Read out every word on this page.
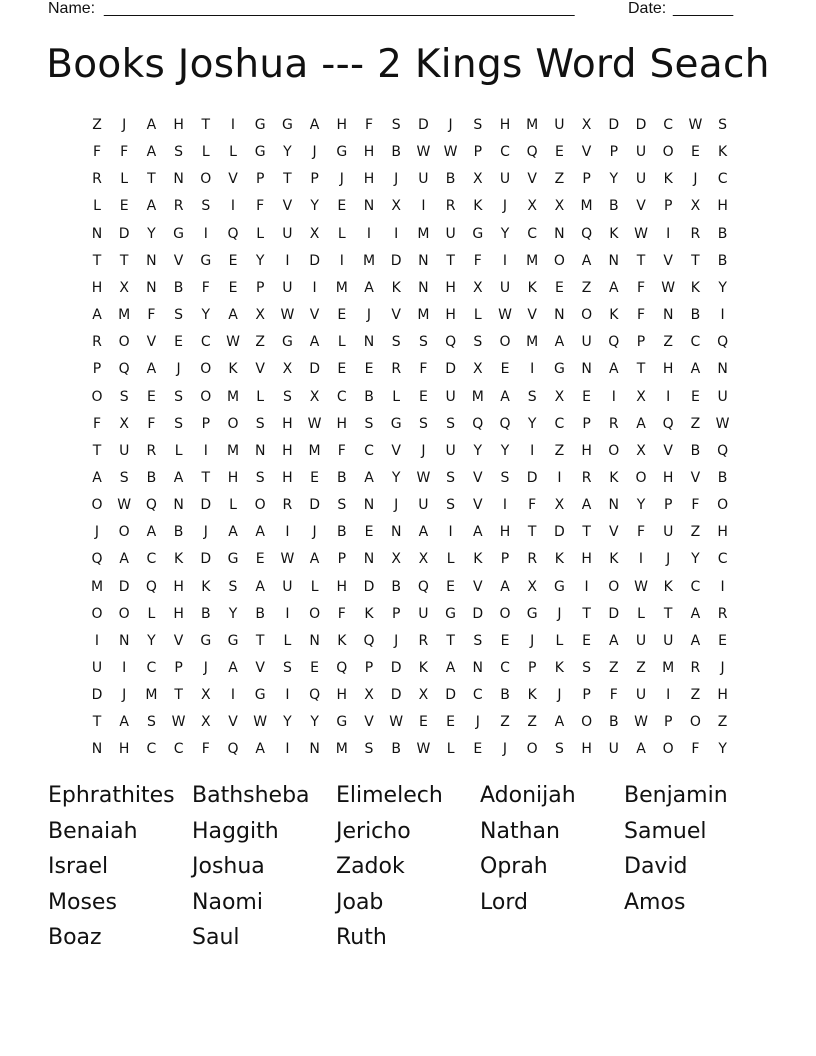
Name: _______________________________________________________	Date: _______
Books Joshua --- 2 Kings Word Seach
Z	J	A	H	T	I	G	G	A	H	F	S	D	J	S	H	M	U	X	D	D	C	W	S
F	F	A	S	L	L	G	Y	J	G	H	B	W W	P	C	Q	E	V	P	U	O	E	K
R	L	T	N	O	V	P	T	P	J	H	J	U	B	X	U	V	Z	P	Y	U	K	J	C
L	E	A	R	S	I	F	V	Y	E	N	X	I	R	K	J	X	X	M	B	V	P	X	H
N	D	Y	G	I	Q	L	U	X	L	I	I	M	U	G	Y	C	N	Q	K	W	I	R	B
T	T	N	V	G	E	Y	I	D	I	M	D	N	T	F	I	M	O	A	N	T	V	T	B
H	X	N	B	F	E	P	U	I	M	A	K	N	H	X	U	K	E	Z	A	F	W	K	Y
A	M	F	S	Y	A	X	W	V	E	J	V	M	H	L	W	V	N	O	K	F	N	B	I
R	O	V	E	C	W	Z	G	A	L	N	S	S	Q	S	O	M	A	U	Q	P	Z	C	Q
P	Q	A	J	O	K	V	X	D	E	E	R	F	D	X	E	I	G	N	A	T	H	A	N
O	S	E	S	O	M	L	S	X	C	B	L	E	U	M	A	S	X	E	I	X	I	E	U
F	X	F	S	P	O	S	H	W	H	S	G	S	S	Q	Q	Y	C	P	R	A	Q	Z	W
T	U	R	L	I	M	N	H	M	F	C	V	J	U	Y	Y	I	Z	H	O	X	V	B	Q
A	S	B	A	T	H	S	H	E	B	A	Y	W	S	V	S	D	I	R	K	O	H	V	B
O	W	Q	N	D	L	O	R	D	S	N	J	U	S	V	I	F	X	A	N	Y	P	F	O
J	O	A	B	J	A	A	I	J	B	E	N	A	I	A	H	T	D	T	V	F	U	Z	H
Q	A	C	K	D	G	E	W	A	P	N	X	X	L	K	P	R	K	H	K	I	J	Y	C
M	D	Q	H	K	S	A	U	L	H	D	B	Q	E	V	A	X	G	I	O	W	K	C	I
O	O	L	H	B	Y	B	I	O	F	K	P	U	G	D	O	G	J	T	D	L	T	A	R
I	N	Y	V	G	G	T	L	N	K	Q	J	R	T	S	E	J	L	E	A	U	U	A	E
U	I	C	P	J	A	V	S	E	Q	P	D	K	A	N	C	P	K	S	Z	Z	M	R	J
D	J	M	T	X	I	G	I	Q	H	X	D	X	D	C	B	K	J	P	F	U	I	Z	H
T	A	S	W	X	V	W	Y	Y	G	V	W	E	E	J	Z	Z	A	O	B	W	P	O	Z
N	H	C	C	F	Q	A	I	N	M	S	B	W	L	E	J	O	S	H	U	A	O	F	Y
Ephrathites Bathsheba Elimelech Adonijah Benjamin
Benaiah Haggith	Jericho	Nathan	Samuel
Israel	Joshua	Zadok	Oprah	David
Moses	Naomi	Joab	Lord	Amos
Boaz	Saul	Ruth
